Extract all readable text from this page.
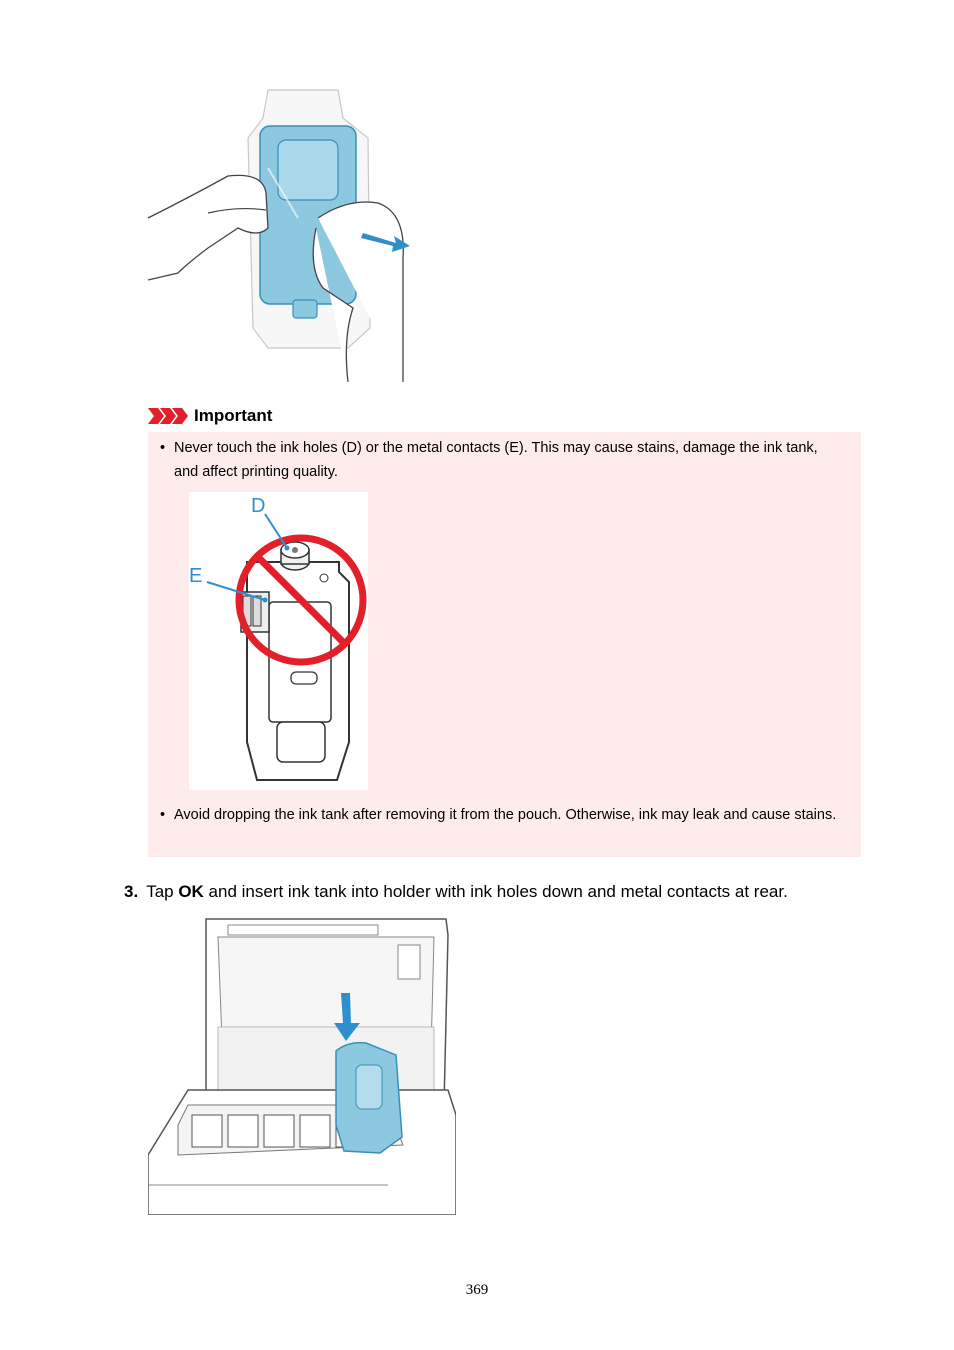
Important
• Never touch the ink holes (D) or the metal contacts (E). This may cause stains, damage the ink tank, and affect printing quality.
D
E
• Avoid dropping the ink tank after removing it from the pouch. Otherwise, ink may leak and cause stains.
3. Tap OK and insert ink tank into holder with ink holes down and metal contacts at rear.
369
